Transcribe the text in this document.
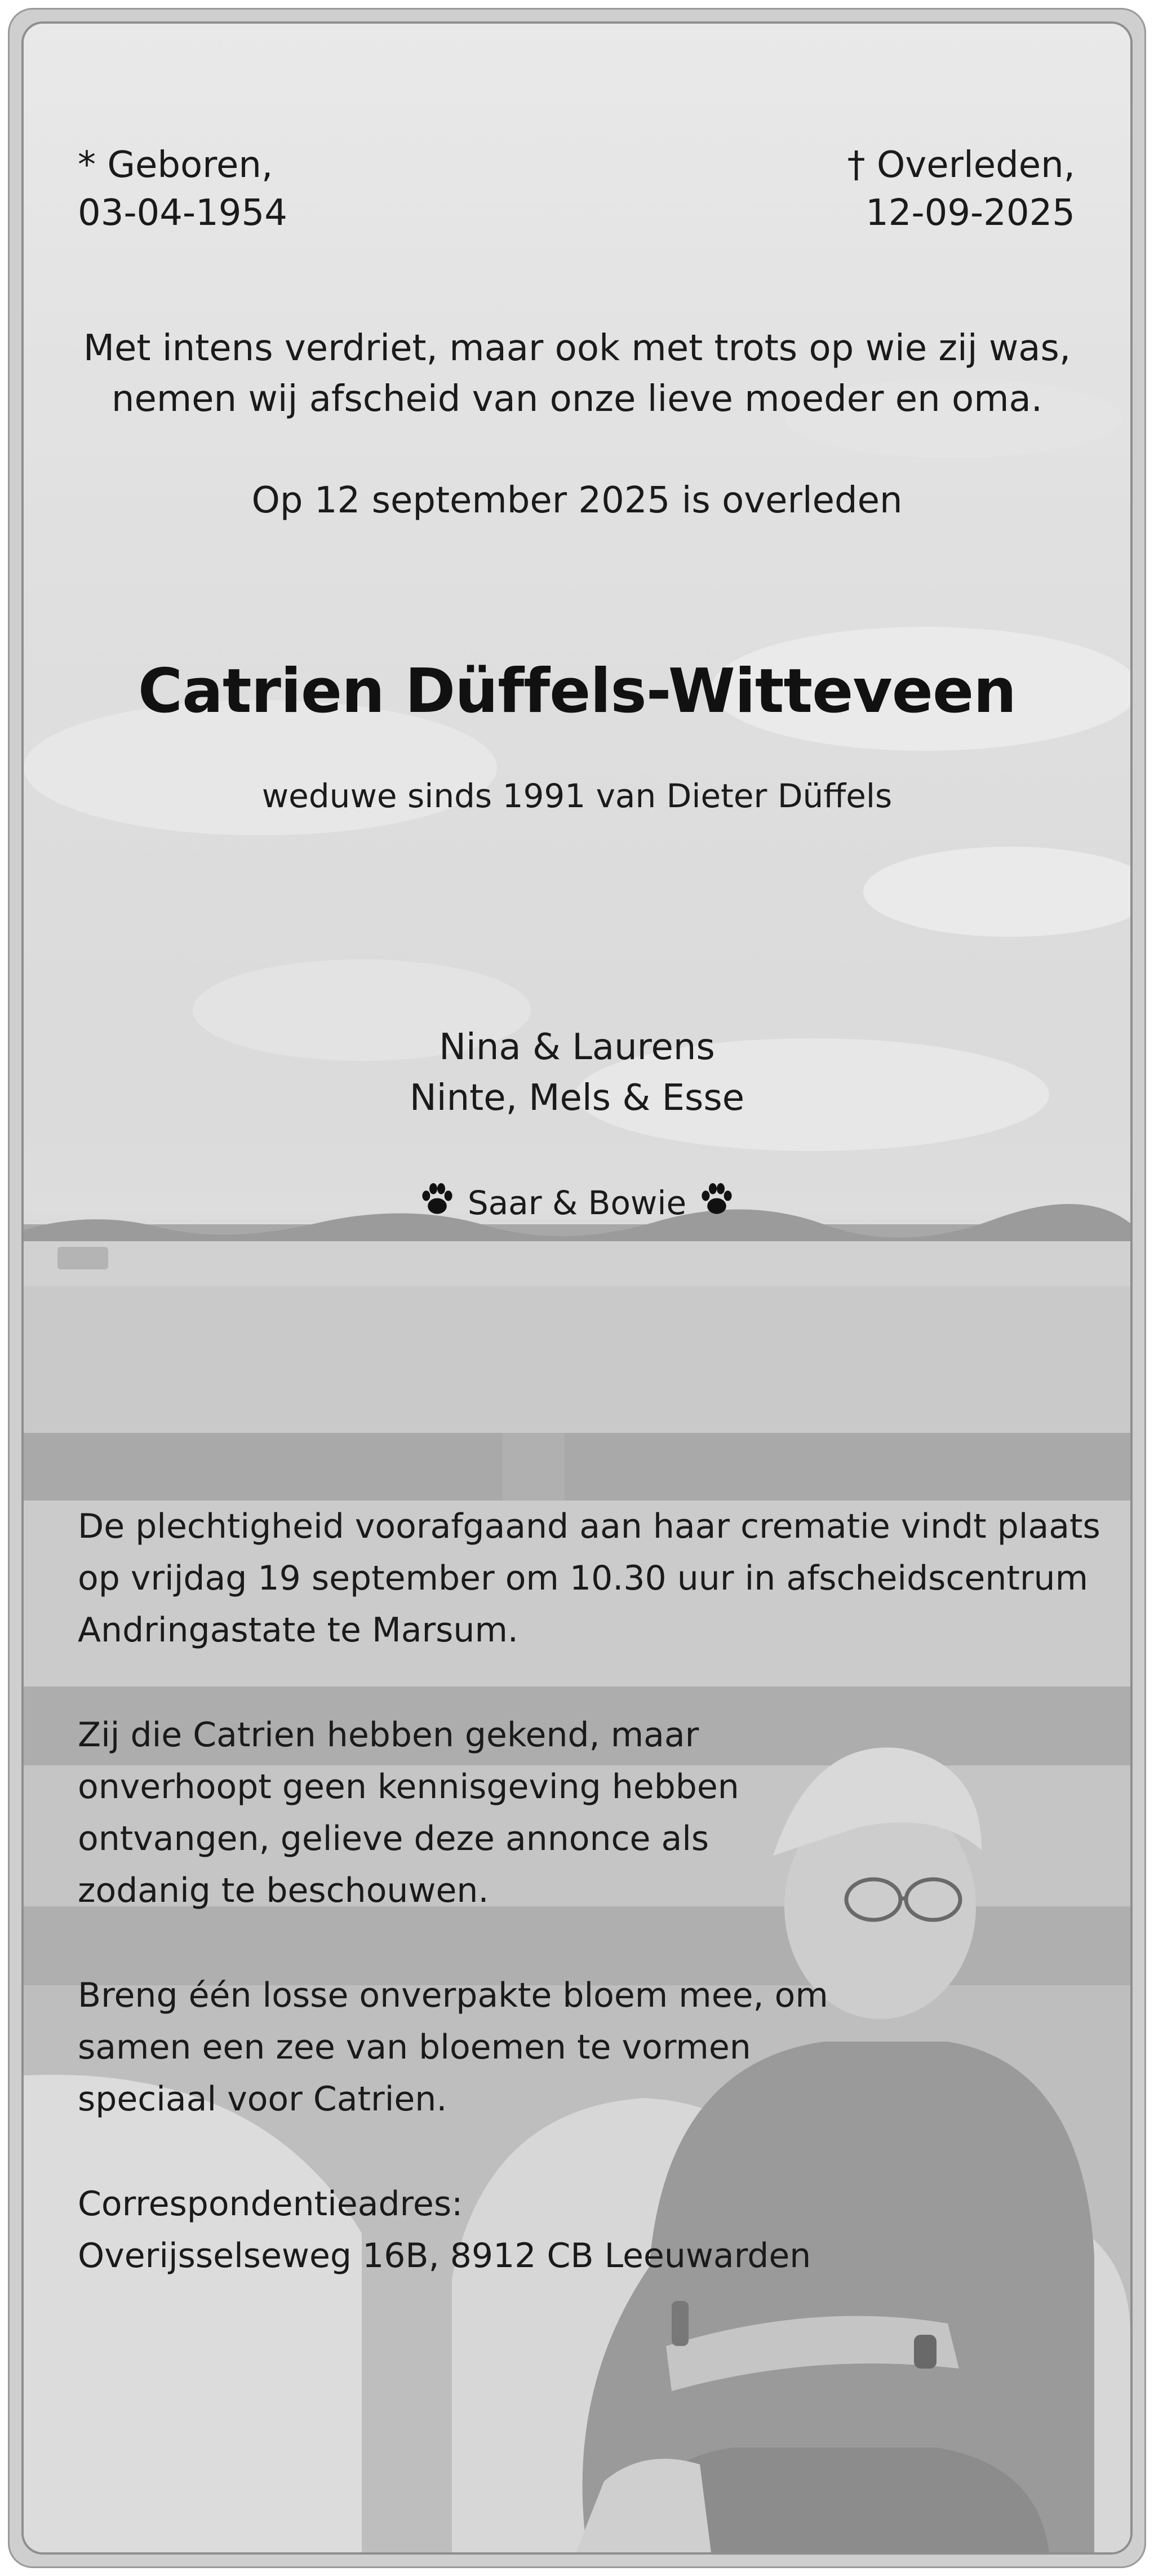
* Geboren,
03-04-1954
† Overleden,
12-09-2025
Met intens verdriet, maar ook met trots op wie zij was,
nemen wij afscheid van onze lieve moeder en oma.
Op 12 september 2025 is overleden
Catrien Düffels-Witteveen
weduwe sinds 1991 van Dieter Düffels
Nina & Laurens
Ninte, Mels & Esse
Saar & Bowie
De plechtigheid voorafgaand aan haar crematie vindt plaats
op vrijdag 19 september om 10.30 uur in afscheidscentrum
Andringastate te Marsum.
Zij die Catrien hebben gekend, maar
onverhoopt geen kennisgeving hebben
ontvangen, gelieve deze annonce als
zodanig te beschouwen.
Breng één losse onverpakte bloem mee, om
samen een zee van bloemen te vormen
speciaal voor Catrien.
Correspondentieadres:
Overijsselseweg 16B, 8912 CB Leeuwarden
